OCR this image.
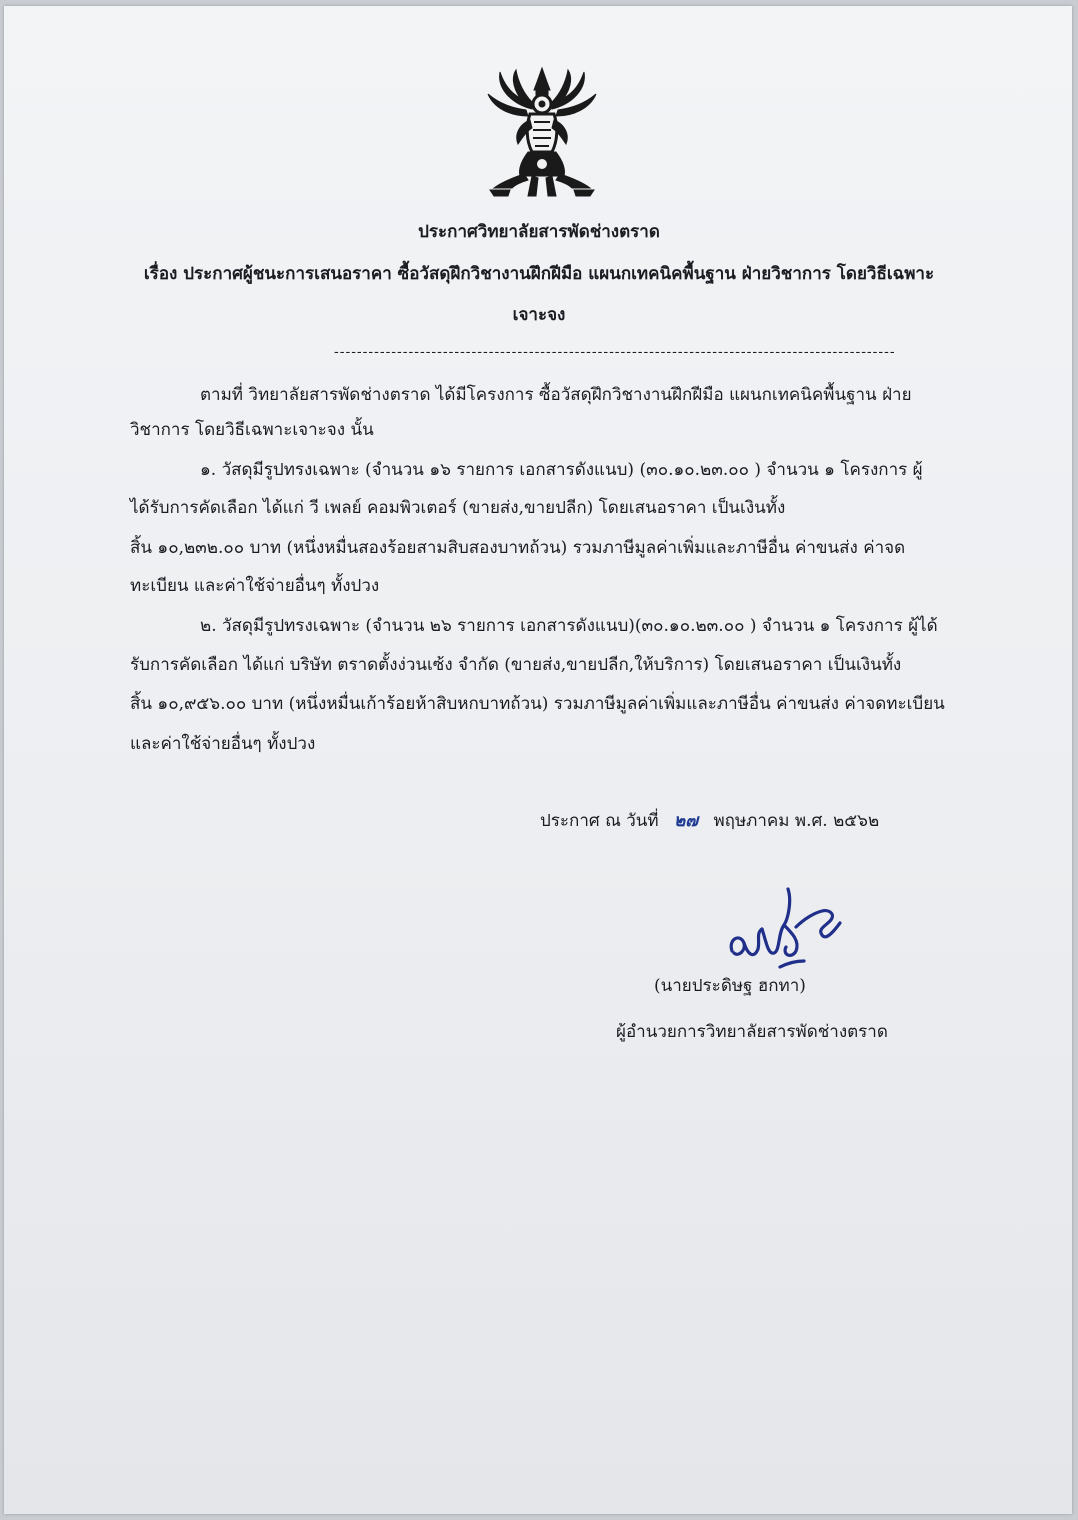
ประกาศวิทยาลัยสารพัดช่างตราด
เรื่อง ประกาศผู้ชนะการเสนอราคา ซื้อวัสดุฝึกวิชางานฝึกฝีมือ แผนกเทคนิคพื้นฐาน ฝ่ายวิชาการ โดยวิธีเฉพาะ
เจาะจง
--------------------------------------------------------------------------------------------------
ตามที่ วิทยาลัยสารพัดช่างตราด ได้มีโครงการ ซื้อวัสดุฝึกวิชางานฝึกฝีมือ แผนกเทคนิคพื้นฐาน ฝ่าย
วิชาการ โดยวิธีเฉพาะเจาะจง นั้น
๑. วัสดุมีรูปทรงเฉพาะ (จำนวน ๑๖ รายการ เอกสารดังแนบ) (๓๐.๑๐.๒๓.๐๐ ) จำนวน ๑ โครงการ ผู้
ได้รับการคัดเลือก ได้แก่ วี เพลย์ คอมพิวเตอร์ (ขายส่ง,ขายปลีก) โดยเสนอราคา เป็นเงินทั้ง
สิ้น ๑๐,๒๓๒.๐๐ บาท (หนึ่งหมื่นสองร้อยสามสิบสองบาทถ้วน) รวมภาษีมูลค่าเพิ่มและภาษีอื่น ค่าขนส่ง ค่าจด
ทะเบียน และค่าใช้จ่ายอื่นๆ ทั้งปวง
๒. วัสดุมีรูปทรงเฉพาะ (จำนวน ๒๖ รายการ เอกสารดังแนบ)(๓๐.๑๐.๒๓.๐๐ ) จำนวน ๑ โครงการ ผู้ได้
รับการคัดเลือก ได้แก่ บริษัท ตราดตั้งง่วนเซ้ง จำกัด (ขายส่ง,ขายปลีก,ให้บริการ) โดยเสนอราคา เป็นเงินทั้ง
สิ้น ๑๐,๙๕๖.๐๐ บาท (หนึ่งหมื่นเก้าร้อยห้าสิบหกบาทถ้วน) รวมภาษีมูลค่าเพิ่มและภาษีอื่น ค่าขนส่ง ค่าจดทะเบียน
และค่าใช้จ่ายอื่นๆ ทั้งปวง
ประกาศ ณ วันที่ ๒๗ พฤษภาคม พ.ศ. ๒๕๖๒
(นายประดิษฐ ฮกทา)
ผู้อำนวยการวิทยาลัยสารพัดช่างตราด
